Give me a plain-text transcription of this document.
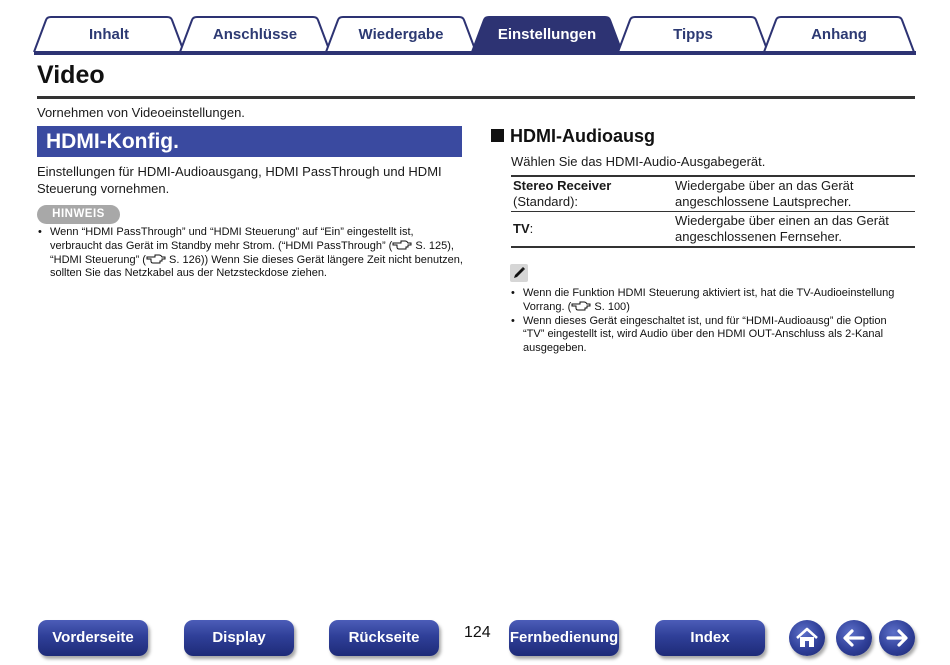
Inhalt	Anschlüsse	Wiedergabe	Einstellungen	Tipps	Anhang
Video

Vornehmen von Videoeinstellungen.

HDMI-Konfig.

Einstellungen für HDMI-Audioausgang, HDMI PassThrough und HDMI Steuerung vornehmen.

HINWEIS
• Wenn “HDMI PassThrough” und “HDMI Steuerung” auf “Ein” eingestellt ist, verbraucht das Gerät im Standby mehr Strom. (“HDMI PassThrough” ( S. 125), “HDMI Steuerung” ( S. 126)) Wenn Sie dieses Gerät längere Zeit nicht benutzen, sollten Sie das Netzkabel aus der Netzsteckdose ziehen.
HDMI-Audioausg

Wählen Sie das HDMI-Audio-Ausgabegerät.

Stereo Receiver
(Standard):	Wiedergabe über an das Gerät angeschlossene Lautsprecher.
TV:	Wiedergabe über einen an das Gerät angeschlossenen Fernseher.
• Wenn die Funktion HDMI Steuerung aktiviert ist, hat die TV-Audioeinstellung Vorrang. ( S. 100)
• Wenn dieses Gerät eingeschaltet ist, und für “HDMI-Audioausg” die Option “TV” eingestellt ist, wird Audio über den HDMI OUT-Anschluss als 2-Kanal ausgegeben.
Vorderseite	Display	Rückseite	124 Fernbedienung	Index
